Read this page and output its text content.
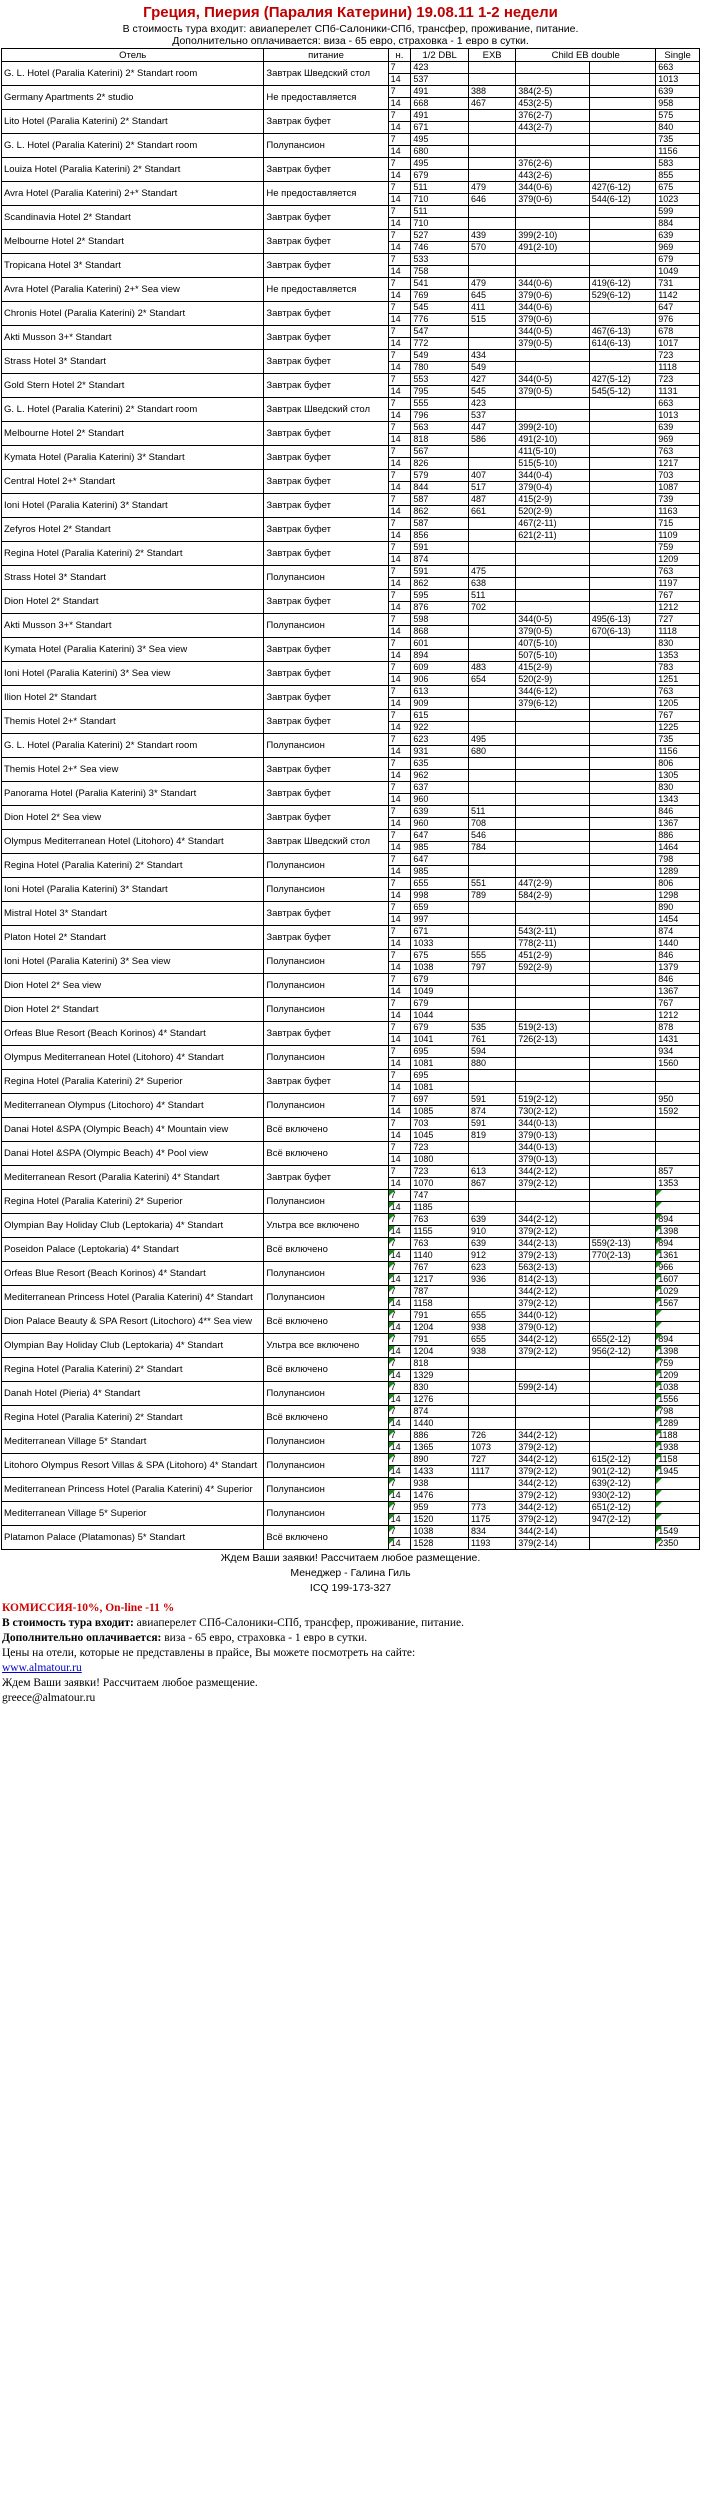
Греция, Пиерия (Паралия Катерини) 19.08.11 1-2 недели
В стоимость тура входит: авиаперелет СПб-Салоники-СПб, трансфер, проживание, питание.
Дополнительно оплачивается: виза - 65 евро, страховка - 1 евро в сутки.
Отель	питание	н.	1/2 DBL	EXB	Child EB double		Single
G. L. Hotel (Paralia Katerini) 2* Standart room	Завтрак Шведский стол	7	423				663
		14	537				1013
Germany Apartments 2* studio	Не предоставляется	7	491	388	384(2-5)		639
		14	668	467	453(2-5)		958
Lito Hotel (Paralia Katerini) 2* Standart	Завтрак буфет	7	491		376(2-7)		575
		14	671		443(2-7)		840
G. L. Hotel (Paralia Katerini) 2* Standart room	Полупансион	7	495				735
		14	680				1156
Louiza Hotel (Paralia Katerini) 2* Standart	Завтрак буфет	7	495		376(2-6)		583
		14	679		443(2-6)		855
Avra Hotel (Paralia Katerini) 2+* Standart	Не предоставляется	7	511	479	344(0-6)	427(6-12)	675
		14	710	646	379(0-6)	544(6-12)	1023
Scandinavia Hotel 2* Standart	Завтрак буфет	7	511				599
		14	710				884
Melbourne Hotel 2* Standart	Завтрак буфет	7	527	439	399(2-10)		639
		14	746	570	491(2-10)		969
Tropicana Hotel 3* Standart	Завтрак буфет	7	533				679
		14	758				1049
Avra Hotel (Paralia Katerini) 2+* Sea view	Не предоставляется	7	541	479	344(0-6)	419(6-12)	731
		14	769	645	379(0-6)	529(6-12)	1142
Chronis Hotel (Paralia Katerini) 2* Standart	Завтрак буфет	7	545	411	344(0-6)		647
		14	776	515	379(0-6)		976
Akti Musson 3+* Standart	Завтрак буфет	7	547		344(0-5)	467(6-13)	678
		14	772		379(0-5)	614(6-13)	1017
Strass Hotel 3* Standart	Завтрак буфет	7	549	434			723
		14	780	549			1118
Gold Stern Hotel 2* Standart	Завтрак буфет	7	553	427	344(0-5)	427(5-12)	723
		14	795	545	379(0-5)	545(5-12)	1131
G. L. Hotel (Paralia Katerini) 2* Standart room	Завтрак Шведский стол	7	555	423			663
		14	796	537			1013
Melbourne Hotel 2* Standart	Завтрак буфет	7	563	447	399(2-10)		639
		14	818	586	491(2-10)		969
Kymata Hotel (Paralia Katerini) 3* Standart	Завтрак буфет	7	567		411(5-10)		763
		14	826		515(5-10)		1217
Central Hotel 2+* Standart	Завтрак буфет	7	579	407	344(0-4)		703
		14	844	517	379(0-4)		1087
Ioni Hotel (Paralia Katerini) 3* Standart	Завтрак буфет	7	587	487	415(2-9)		739
		14	862	661	520(2-9)		1163
Zefyros Hotel 2* Standart	Завтрак буфет	7	587		467(2-11)		715
		14	856		621(2-11)		1109
Regina Hotel (Paralia Katerini) 2* Standart	Завтрак буфет	7	591				759
		14	874				1209
Strass Hotel 3* Standart	Полупансион	7	591	475			763
		14	862	638			1197
Dion Hotel 2* Standart	Завтрак буфет	7	595	511			767
		14	876	702			1212
Akti Musson 3+* Standart	Полупансион	7	598		344(0-5)	495(6-13)	727
		14	868		379(0-5)	670(6-13)	1118
Kymata Hotel (Paralia Katerini) 3* Sea view	Завтрак буфет	7	601		407(5-10)		830
		14	894		507(5-10)		1353
Ioni Hotel (Paralia Katerini) 3* Sea view	Завтрак буфет	7	609	483	415(2-9)		783
		14	906	654	520(2-9)		1251
Ilion Hotel 2* Standart	Завтрак буфет	7	613		344(6-12)		763
		14	909		379(6-12)		1205
Themis Hotel 2+* Standart	Завтрак буфет	7	615				767
		14	922				1225
G. L. Hotel (Paralia Katerini) 2* Standart room	Полупансион	7	623	495			735
		14	931	680			1156
Themis Hotel 2+* Sea view	Завтрак буфет	7	635				806
		14	962				1305
Panorama Hotel (Paralia Katerini) 3* Standart	Завтрак буфет	7	637				830
		14	960				1343
Dion Hotel 2* Sea view	Завтрак буфет	7	639	511			846
		14	960	708			1367
Olympus Mediterranean Hotel (Litohoro) 4* Standart	Завтрак Шведский стол	7	647	546			886
		14	985	784			1464
Regina Hotel (Paralia Katerini) 2* Standart	Полупансион	7	647				798
		14	985				1289
Ioni Hotel (Paralia Katerini) 3* Standart	Полупансион	7	655	551	447(2-9)		806
		14	998	789	584(2-9)		1298
Mistral Hotel 3* Standart	Завтрак буфет	7	659				890
		14	997				1454
Platon Hotel 2* Standart	Завтрак буфет	7	671		543(2-11)		874
		14	1033		778(2-11)		1440
Ioni Hotel (Paralia Katerini) 3* Sea view	Полупансион	7	675	555	451(2-9)		846
		14	1038	797	592(2-9)		1379
Dion Hotel 2* Sea view	Полупансион	7	679				846
		14	1049				1367
Dion Hotel 2* Standart	Полупансион	7	679				767
		14	1044				1212
Orfeas Blue Resort (Beach Korinos) 4* Standart	Завтрак буфет	7	679	535	519(2-13)		878
		14	1041	761	726(2-13)		1431
Olympus Mediterranean Hotel (Litohoro) 4* Standart	Полупансион	7	695	594			934
		14	1081	880			1560
Regina Hotel (Paralia Katerini) 2* Superior	Завтрак буфет	7	695				
		14	1081				
Mediterranean Olympus (Litochoro) 4* Standart	Полупансион	7	697	591	519(2-12)		950
		14	1085	874	730(2-12)		1592
Danai Hotel &SPA (Olympic Beach) 4* Mountain view	Всё включено	7	703	591	344(0-13)		
		14	1045	819	379(0-13)		
Danai Hotel &SPA (Olympic Beach) 4* Pool view	Всё включено	7	723		344(0-13)		
		14	1080		379(0-13)		
Mediterranean Resort (Paralia Katerini) 4* Standart	Завтрак буфет	7	723	613	344(2-12)		857
		14	1070	867	379(2-12)		1353
Regina Hotel (Paralia Katerini) 2* Superior	Полупансион	7	747				
		14	1185				
Olympian Bay Holiday Club (Leptokaria) 4* Standart	Ультра все включено	7	763	639	344(2-12)		894
		14	1155	910	379(2-12)		1398
Poseidon Palace (Leptokaria) 4* Standart	Всё включено	7	763	639	344(2-13)	559(2-13)	894
		14	1140	912	379(2-13)	770(2-13)	1361
Orfeas Blue Resort (Beach Korinos) 4* Standart	Полупансион	7	767	623	563(2-13)		966
		14	1217	936	814(2-13)		1607
Mediterranean Princess Hotel (Paralia Katerini) 4* Standart	Полупансион	7	787		344(2-12)		1029
		14	1158		379(2-12)		1567
Dion Palace Beauty & SPA Resort (Litochoro) 4** Sea view	Всё включено	7	791	655	344(0-12)		
		14	1204	938	379(0-12)		
Olympian Bay Holiday Club (Leptokaria) 4* Standart	Ультра все включено	7	791	655	344(2-12)	655(2-12)	894
		14	1204	938	379(2-12)	956(2-12)	1398
Regina Hotel (Paralia Katerini) 2* Standart	Всё включено	7	818				759
		14	1329				1209
Danah Hotel (Pieria) 4* Standart	Полупансион	7	830		599(2-14)		1038
		14	1276				1556
Regina Hotel (Paralia Katerini) 2* Standart	Всё включено	7	874				798
		14	1440				1289
Mediterranean Village 5* Standart	Полупансион	7	886	726	344(2-12)		1188
		14	1365	1073	379(2-12)		1938
Litohoro Olympus Resort Villas & SPA (Litohoro) 4* Standart	Полупансион	7	890	727	344(2-12)	615(2-12)	1158
		14	1433	1117	379(2-12)	901(2-12)	1945
Mediterranean Princess Hotel (Paralia Katerini) 4* Superior	Полупансион	7	938		344(2-12)	639(2-12)	
		14	1476		379(2-12)	930(2-12)	
Mediterranean Village 5* Superior	Полупансион	7	959	773	344(2-12)	651(2-12)	
		14	1520	1175	379(2-12)	947(2-12)	
Platamon Palace (Platamonas) 5* Standart	Всё включено	7	1038	834	344(2-14)		1549
		14	1528	1193	379(2-14)		2350
Ждем Ваши заявки! Рассчитаем любое размещение.
Менеджер - Галина Гиль
ICQ 199-173-327
КОМИССИЯ-10%, On-line -11 %
В стоимость тура входит: авиаперелет СПб-Салоники-СПб, трансфер, проживание, питание.
Дополнительно оплачивается: виза - 65 евро, страховка - 1 евро в сутки.
Цены на отели, которые не представлены в прайсе, Вы можете посмотреть на сайте:
www.almatour.ru
Ждем Ваши заявки! Рассчитаем любое размещение.
greece@almatour.ru
